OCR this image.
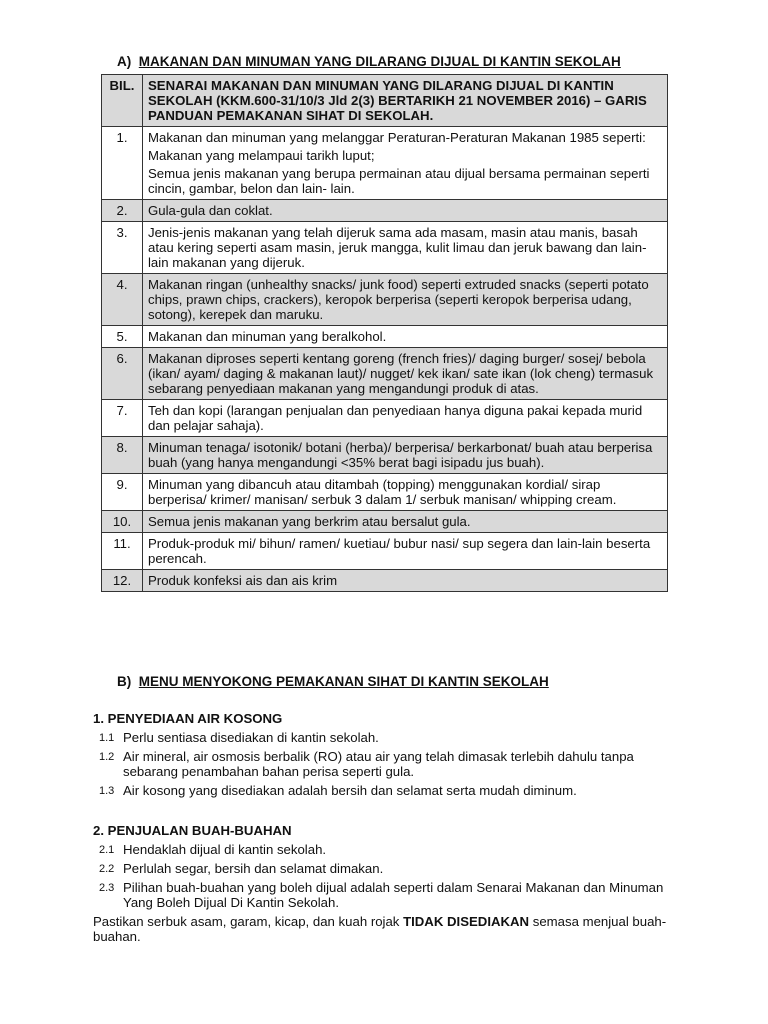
A) MAKANAN DAN MINUMAN YANG DILARANG DIJUAL DI KANTIN SEKOLAH
BIL.	SENARAI MAKANAN DAN MINUMAN YANG DILARANG DIJUAL DI KANTIN SEKOLAH (KKM.600-31/10/3 Jld 2(3) BERTARIKH 21 NOVEMBER 2016) – GARIS PANDUAN PEMAKANAN SIHAT DI SEKOLAH.
1.	Makanan dan minuman yang melanggar Peraturan-Peraturan Makanan 1985 seperti:
Makanan yang melampaui tarikh luput;
Semua jenis makanan yang berupa permainan atau dijual bersama permainan seperti cincin, gambar, belon dan lain- lain.

2.	Gula-gula dan coklat.

3.	Jenis-jenis makanan yang telah dijeruk sama ada masam, masin atau manis, basah atau kering seperti asam masin, jeruk mangga, kulit limau dan jeruk bawang dan lain-lain makanan yang dijeruk.

4.	Makanan ringan (unhealthy snacks/ junk food) seperti extruded snacks (seperti potato chips, prawn chips, crackers), keropok berperisa (seperti keropok berperisa udang, sotong), kerepek dan maruku.

5.	Makanan dan minuman yang beralkohol.

6.	Makanan diproses seperti kentang goreng (french fries)/ daging burger/ sosej/ bebola (ikan/ ayam/ daging & makanan laut)/ nugget/ kek ikan/ sate ikan (lok cheng) termasuk sebarang penyediaan makanan yang mengandungi produk di atas.

7.	Teh dan kopi (larangan penjualan dan penyediaan hanya diguna pakai kepada murid dan pelajar sahaja).

8.	Minuman tenaga/ isotonik/ botani (herba)/ berperisa/ berkarbonat/ buah atau berperisa buah (yang hanya mengandungi <35% berat bagi isipadu jus buah).

9.	Minuman yang dibancuh atau ditambah (topping) menggunakan kordial/ sirap berperisa/ krimer/ manisan/ serbuk 3 dalam 1/ serbuk manisan/ whipping cream.

10.	Semua jenis makanan yang berkrim atau bersalut gula.

11.	Produk-produk mi/ bihun/ ramen/ kuetiau/ bubur nasi/ sup segera dan lain-lain beserta perencah.

12.	Produk konfeksi ais dan ais krim
B) MENU MENYOKONG PEMAKANAN SIHAT DI KANTIN SEKOLAH
1. PENYEDIAAN AIR KOSONG
1.1 Perlu sentiasa disediakan di kantin sekolah.
1.2 Air mineral, air osmosis berbalik (RO) atau air yang telah dimasak terlebih dahulu tanpa sebarang penambahan bahan perisa seperti gula.
1.3 Air kosong yang disediakan adalah bersih dan selamat serta mudah diminum.
2. PENJUALAN BUAH-BUAHAN
2.1 Hendaklah dijual di kantin sekolah.
2.2 Perlulah segar, bersih dan selamat dimakan.
2.3 Pilihan buah-buahan yang boleh dijual adalah seperti dalam Senarai Makanan dan Minuman Yang Boleh Dijual Di Kantin Sekolah.
Pastikan serbuk asam, garam, kicap, dan kuah rojak TIDAK DISEDIAKAN semasa menjual buah-buahan.
